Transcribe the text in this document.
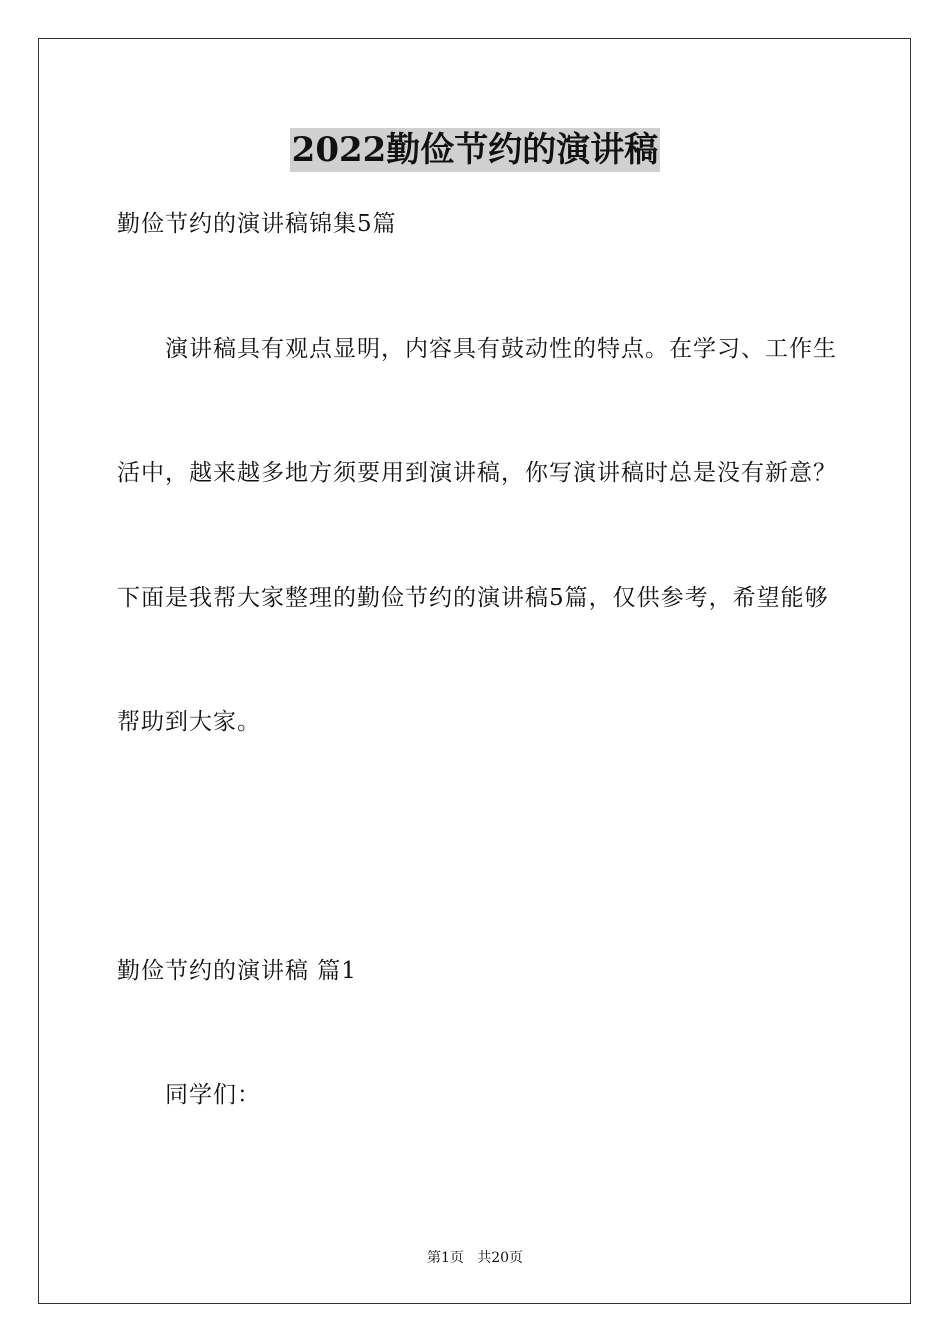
2022勤俭节约的演讲稿
勤俭节约的演讲稿锦集5篇
演讲稿具有观点显明，内容具有鼓动性的特点。在学习、工作生
活中，越来越多地方须要用到演讲稿，你写演讲稿时总是没有新意？
下面是我帮大家整理的勤俭节约的演讲稿5篇，仅供参考，希望能够
帮助到大家。
勤俭节约的演讲稿 篇1
同学们：
第1页   共20页
